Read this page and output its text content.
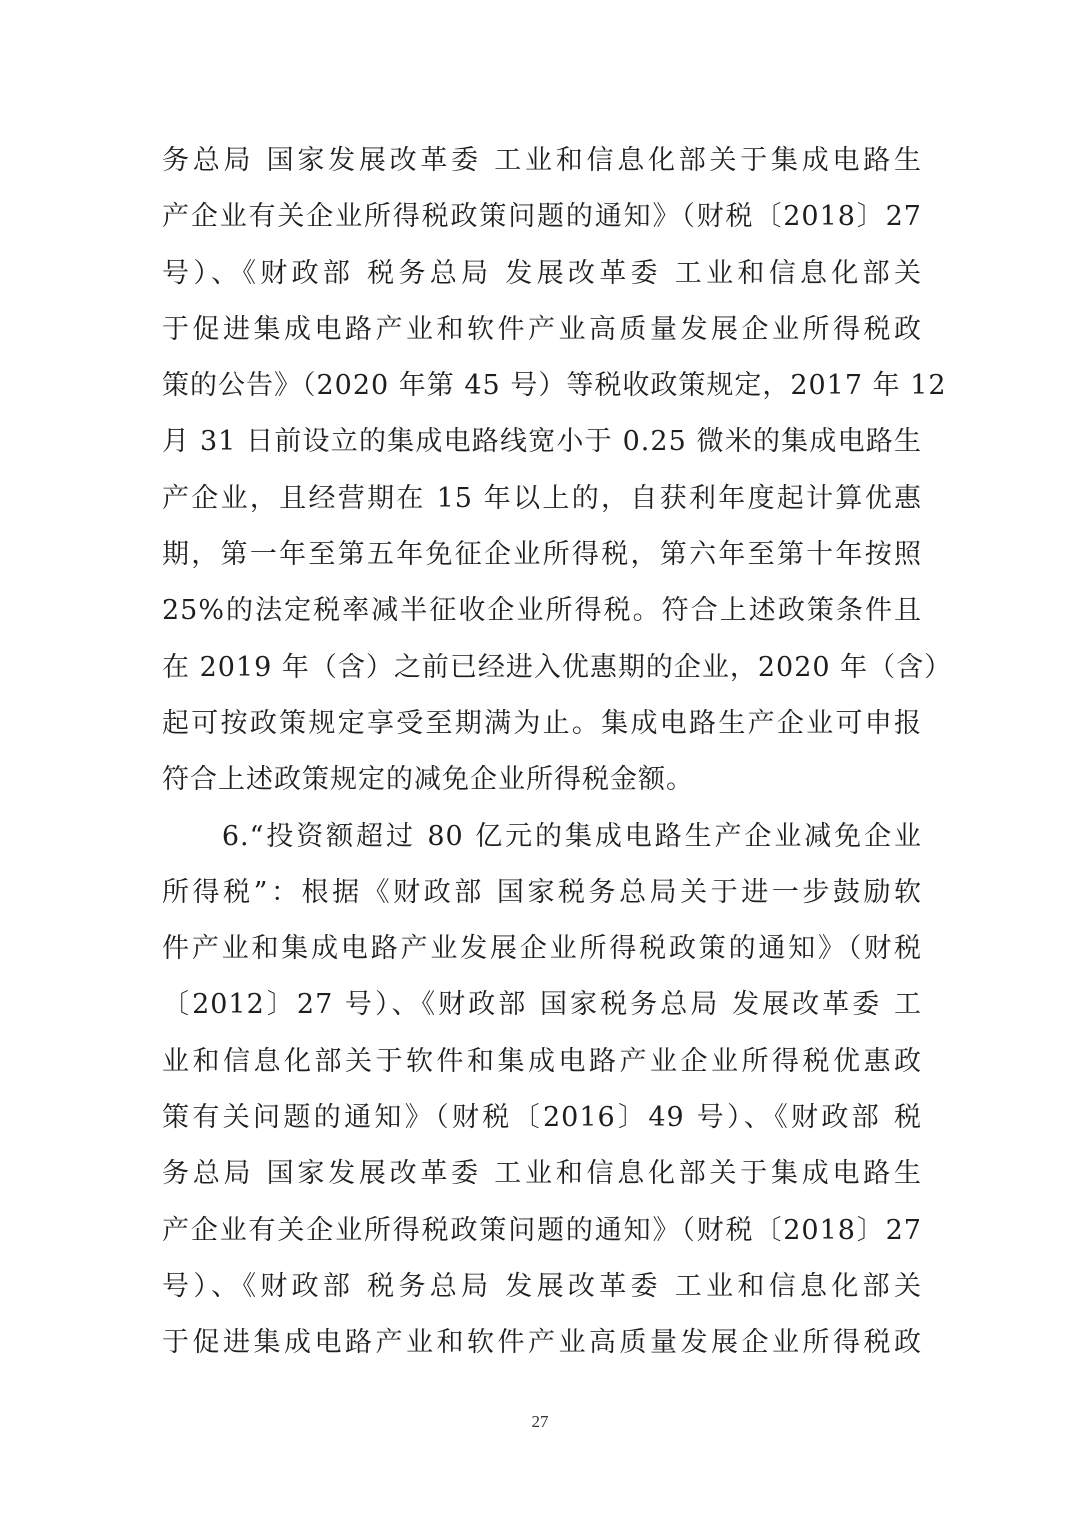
务总局 国家发展改革委 工业和信息化部关于集成电路生
产企业有关企业所得税政策问题的通知》（财税〔2018〕27
号）、《财政部 税务总局 发展改革委 工业和信息化部关
于促进集成电路产业和软件产业高质量发展企业所得税政
策的公告》（2020 年第 45 号）等税收政策规定，2017 年 12
月 31 日前设立的集成电路线宽小于 0.25 微米的集成电路生
产企业，且经营期在 15 年以上的，自获利年度起计算优惠
期，第一年至第五年免征企业所得税，第六年至第十年按照
25%的法定税率减半征收企业所得税。符合上述政策条件且
在 2019 年（含）之前已经进入优惠期的企业，2020 年（含）
起可按政策规定享受至期满为止。集成电路生产企业可申报
符合上述政策规定的减免企业所得税金额。
　　6.“投资额超过 80 亿元的集成电路生产企业减免企业
所得税”：根据《财政部 国家税务总局关于进一步鼓励软
件产业和集成电路产业发展企业所得税政策的通知》（财税
〔2012〕27 号）、《财政部 国家税务总局 发展改革委 工
业和信息化部关于软件和集成电路产业企业所得税优惠政
策有关问题的通知》（财税〔2016〕49 号）、《财政部 税
务总局 国家发展改革委 工业和信息化部关于集成电路生
产企业有关企业所得税政策问题的通知》（财税〔2018〕27
号）、《财政部 税务总局 发展改革委 工业和信息化部关
于促进集成电路产业和软件产业高质量发展企业所得税政
27
